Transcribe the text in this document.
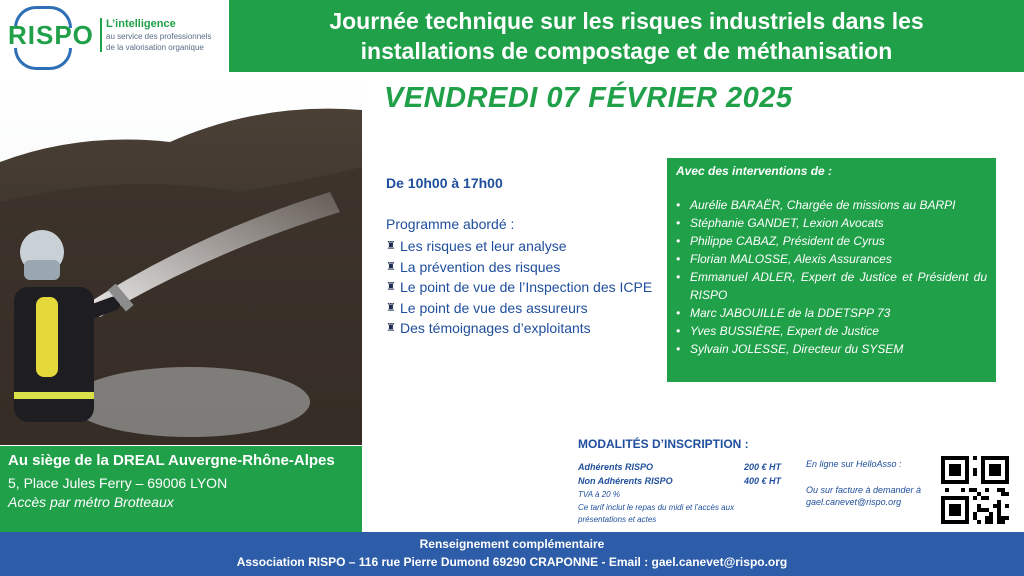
RISPO L’intelligence
au service des professionnels
de la valorisation organique
Journée technique sur les risques industriels dans les
installations de compostage et de méthanisation
VENDREDI 07 FÉVRIER 2025
De 10h00 à 17h00
Programme abordé :
♜ Les risques et leur analyse
♜ La prévention des risques
♜ Le point de vue de l’Inspection des ICPE
♜ Le point de vue des assureurs
♜ Des témoignages d’exploitants
Avec des interventions de :
• Aurélie BARAËR, Chargée de missions au BARPI
• Stéphanie GANDET, Lexion Avocats
• Philippe CABAZ, Président de Cyrus
• Florian MALOSSE, Alexis Assurances
• Emmanuel ADLER, Expert de Justice et Président du RISPO
• Marc JABOUILLE de la DDETSPP 73
• Yves BUSSIÈRE, Expert de Justice
• Sylvain JOLESSE, Directeur du SYSEM
Au siège de la DREAL Auvergne-Rhône-Alpes
5, Place Jules Ferry – 69006 LYON
Accès par métro Brotteaux
MODALITÉS D’INSCRIPTION :
Adhérents RISPO	200 € HT
Non Adhérents RISPO	400 € HT
TVA à 20 %
Ce tarif inclut le repas du midi et l’accès aux présentations et actes
En ligne sur HelloAsso :
Ou sur facture à demander à gael.canevet@rispo.org
Renseignement complémentaire
Association RISPO – 116 rue Pierre Dumond 69290 CRAPONNE - Email : gael.canevet@rispo.org
